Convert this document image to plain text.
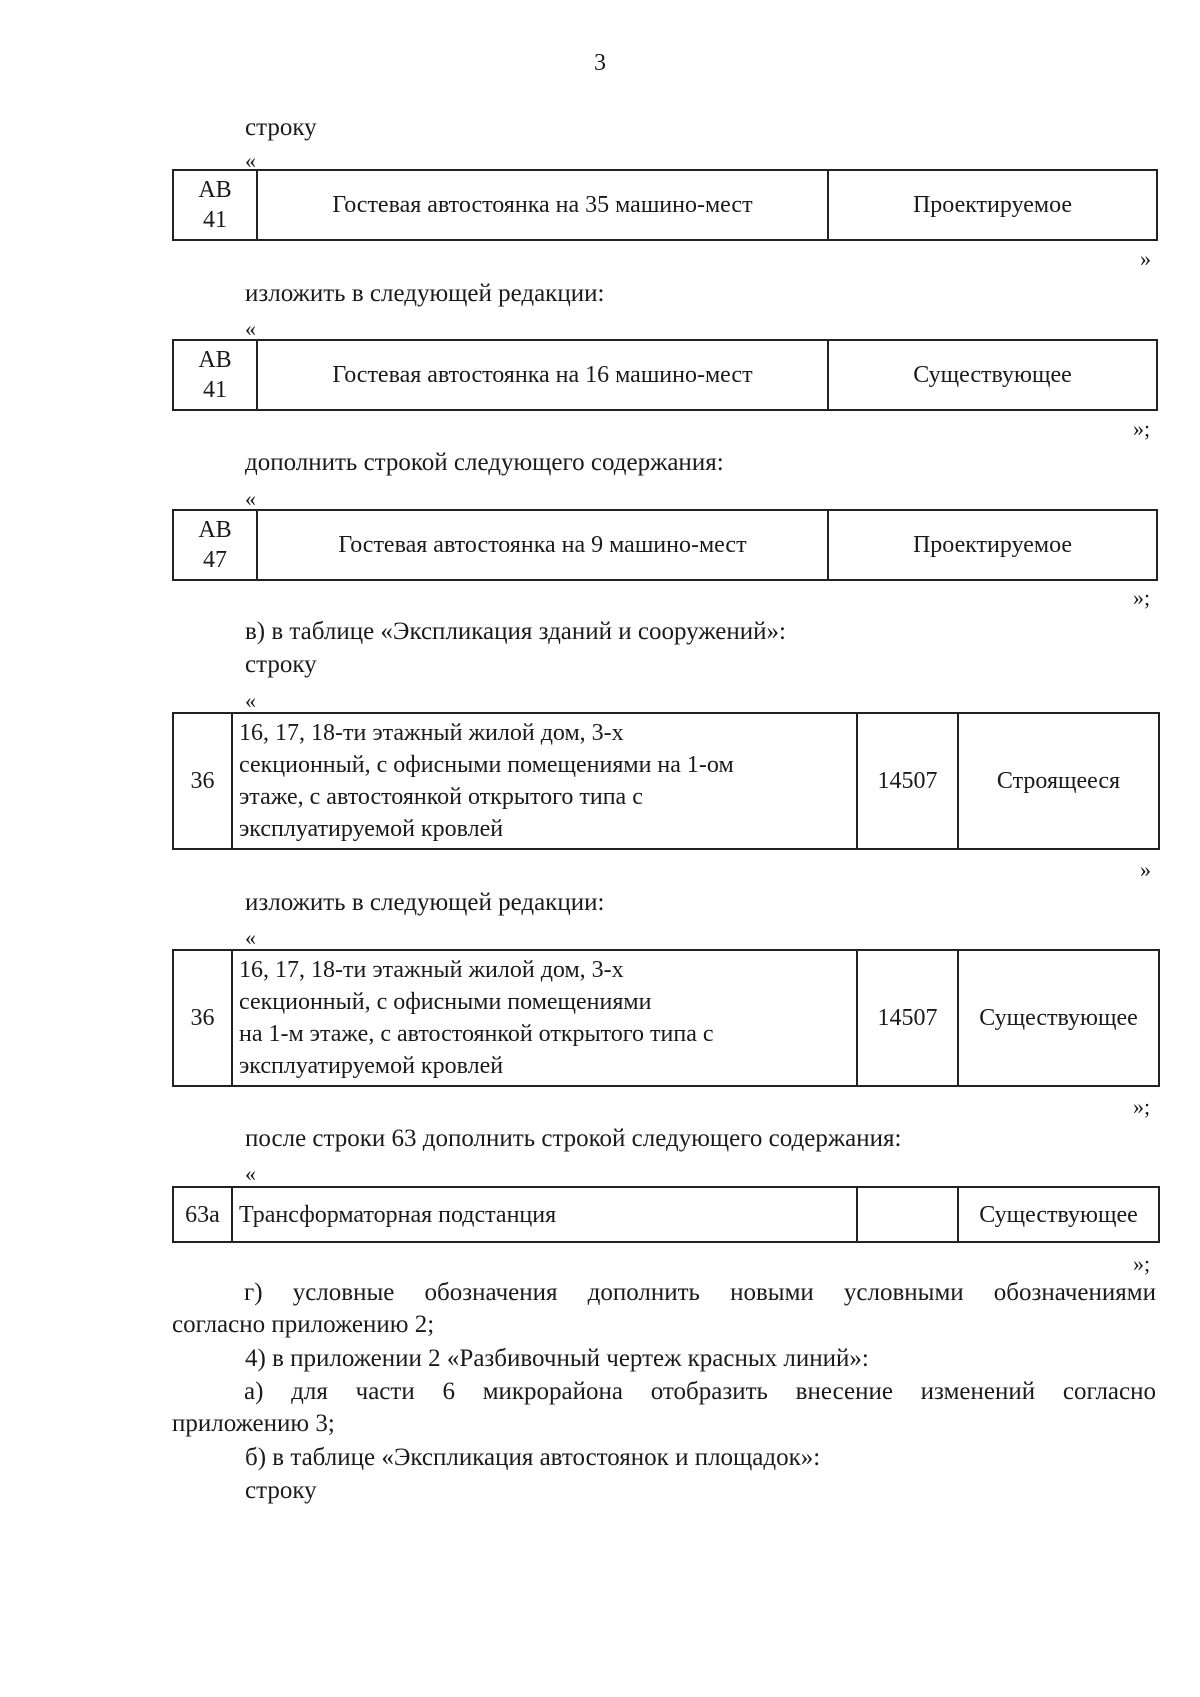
3
строку
«
АВ
41	Гостевая автостоянка на 35 машино-мест	Проектируемое
»
изложить в следующей редакции:
«
АВ
41	Гостевая автостоянка на 16 машино-мест	Существующее
»;
дополнить строкой следующего содержания:
«
АВ
47	Гостевая автостоянка на 9 машино-мест	Проектируемое
»;
в) в таблице «Экспликация зданий и сооружений»:
строку
«
36	16, 17, 18-ти этажный жилой дом, 3-х
секционный, с офисными помещениями на 1-ом
этаже, с автостоянкой открытого типа с
эксплуатируемой кровлей	14507	Строящееся
»
изложить в следующей редакции:
«
36	16, 17, 18-ти этажный жилой дом, 3-х
секционный, с офисными помещениями
на 1-м этаже, с автостоянкой открытого типа с
эксплуатируемой кровлей	14507	Существующее
»;
после строки 63 дополнить строкой следующего содержания:
«
63а	Трансформаторная подстанция		Существующее
»;
г) условные обозначения дополнить новыми условными обозначениями
согласно приложению 2;
4) в приложении 2 «Разбивочный чертеж красных линий»:
а) для части 6 микрорайона отобразить внесение изменений согласно
приложению 3;
б) в таблице «Экспликация автостоянок и площадок»:
строку
